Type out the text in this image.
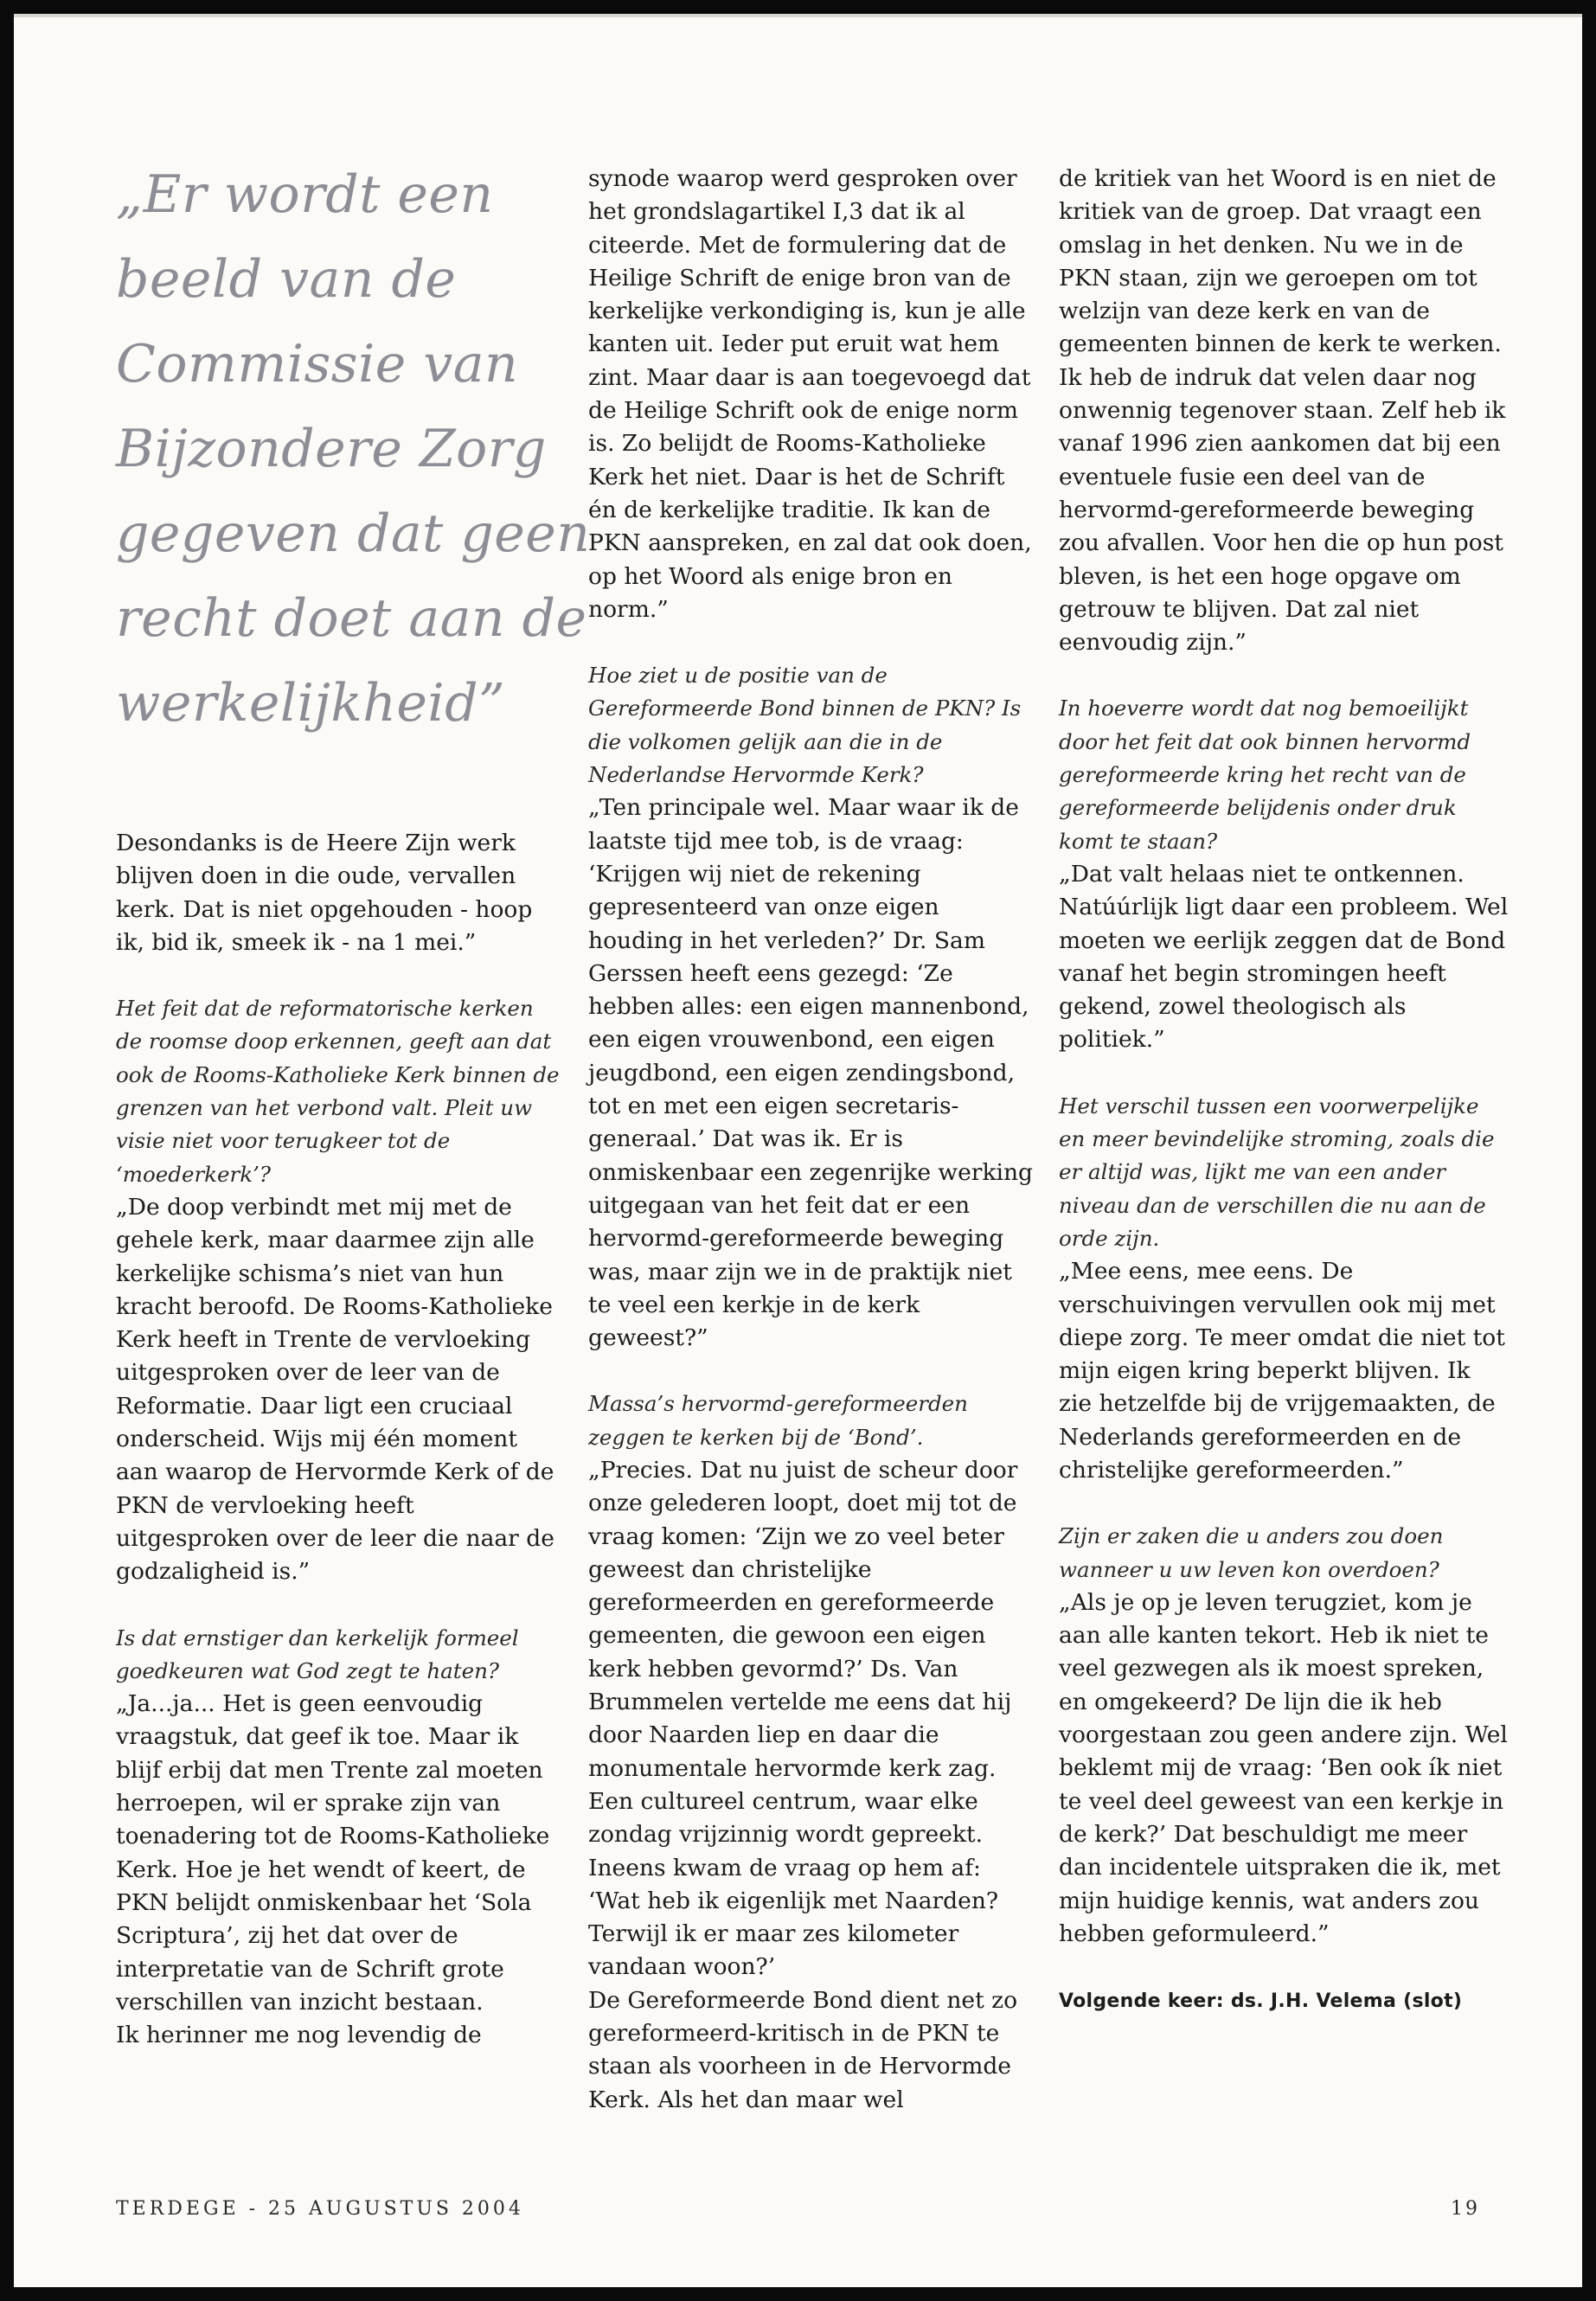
„Er wordt een beeld van de Commissie van Bijzondere Zorg gegeven dat geen recht doet aan de werkelijkheid”

Desondanks is de Heere Zijn werk blijven doen in die oude, vervallen kerk. Dat is niet opgehouden - hoop ik, bid ik, smeek ik - na 1 mei.”

Het feit dat de reformatorische kerken de roomse doop erkennen, geeft aan dat ook de Rooms-Katholieke Kerk binnen de grenzen van het verbond valt. Pleit uw visie niet voor terugkeer tot de ‘moederkerk’?

„De doop verbindt met mij met de gehele kerk, maar daarmee zijn alle kerkelijke schisma’s niet van hun kracht beroofd. De Rooms-Katholieke Kerk heeft in Trente de vervloeking uitgesproken over de leer van de Reformatie. Daar ligt een cruciaal onderscheid. Wijs mij één moment aan waarop de Hervormde Kerk of de PKN de vervloeking heeft uitgesproken over de leer die naar de godzaligheid is.”

Is dat ernstiger dan kerkelijk formeel goedkeuren wat God zegt te haten?

„Ja...ja... Het is geen eenvoudig vraagstuk, dat geef ik toe. Maar ik blijf erbij dat men Trente zal moeten herroepen, wil er sprake zijn van toenadering tot de Rooms-Katholieke Kerk. Hoe je het wendt of keert, de PKN belijdt onmiskenbaar het ‘Sola Scriptura’, zij het dat over de interpretatie van de Schrift grote verschillen van inzicht bestaan.

Ik herinner me nog levendig de

synode waarop werd gesproken over het grondslagartikel I,3 dat ik al citeerde. Met de formulering dat de Heilige Schrift de enige bron van de kerkelijke verkondiging is, kun je alle kanten uit. Ieder put eruit wat hem zint. Maar daar is aan toegevoegd dat de Heilige Schrift ook de enige norm is. Zo belijdt de Rooms-Katholieke Kerk het niet. Daar is het de Schrift én de kerkelijke traditie. Ik kan de PKN aanspreken, en zal dat ook doen, op het Woord als enige bron en norm.”

Hoe ziet u de positie van de Gereformeerde Bond binnen de PKN? Is die volkomen gelijk aan die in de Nederlandse Hervormde Kerk?

„Ten principale wel. Maar waar ik de laatste tijd mee tob, is de vraag: ‘Krijgen wij niet de rekening gepresenteerd van onze eigen houding in het verleden?’ Dr. Sam Gerssen heeft eens gezegd: ‘Ze hebben alles: een eigen mannenbond, een eigen vrouwenbond, een eigen jeugdbond, een eigen zendingsbond, tot en met een eigen secretaris-generaal.’ Dat was ik. Er is onmiskenbaar een zegenrijke werking uitgegaan van het feit dat er een hervormd-gereformeerde beweging was, maar zijn we in de praktijk niet te veel een kerkje in de kerk geweest?”

Massa’s hervormd-gereformeerden zeggen te kerken bij de ‘Bond’.

„Precies. Dat nu juist de scheur door onze gelederen loopt, doet mij tot de vraag komen: ‘Zijn we zo veel beter geweest dan christelijke gereformeerden en gereformeerde gemeenten, die gewoon een eigen kerk hebben gevormd?’ Ds. Van Brummelen vertelde me eens dat hij door Naarden liep en daar die monumentale hervormde kerk zag. Een cultureel centrum, waar elke zondag vrijzinnig wordt gepreekt. Ineens kwam de vraag op hem af: ‘Wat heb ik eigenlijk met Naarden? Terwijl ik er maar zes kilometer vandaan woon?’

De Gereformeerde Bond dient net zo gereformeerd-kritisch in de PKN te staan als voorheen in de Hervormde Kerk. Als het dan maar wel

de kritiek van het Woord is en niet de kritiek van de groep. Dat vraagt een omslag in het denken. Nu we in de PKN staan, zijn we geroepen om tot welzijn van deze kerk en van de gemeenten binnen de kerk te werken. Ik heb de indruk dat velen daar nog onwennig tegenover staan. Zelf heb ik vanaf 1996 zien aankomen dat bij een eventuele fusie een deel van de hervormd-gereformeerde beweging zou afvallen. Voor hen die op hun post bleven, is het een hoge opgave om getrouw te blijven. Dat zal niet eenvoudig zijn.”

In hoeverre wordt dat nog bemoeilijkt door het feit dat ook binnen hervormd gereformeerde kring het recht van de gereformeerde belijdenis onder druk komt te staan?

„Dat valt helaas niet te ontkennen. Natúúrlijk ligt daar een probleem. Wel moeten we eerlijk zeggen dat de Bond vanaf het begin stromingen heeft gekend, zowel theologisch als politiek.”

Het verschil tussen een voorwerpelijke en meer bevindelijke stroming, zoals die er altijd was, lijkt me van een ander niveau dan de verschillen die nu aan de orde zijn.

„Mee eens, mee eens. De verschuivingen vervullen ook mij met diepe zorg. Te meer omdat die niet tot mijn eigen kring beperkt blijven. Ik zie hetzelfde bij de vrijgemaakten, de Nederlands gereformeerden en de christelijke gereformeerden.”

Zijn er zaken die u anders zou doen wanneer u uw leven kon overdoen?

„Als je op je leven terugziet, kom je aan alle kanten tekort. Heb ik niet te veel gezwegen als ik moest spreken, en omgekeerd? De lijn die ik heb voorgestaan zou geen andere zijn. Wel beklemt mij de vraag: ‘Ben ook ík niet te veel deel geweest van een kerkje in de kerk?’ Dat beschuldigt me meer dan incidentele uitspraken die ik, met mijn huidige kennis, wat anders zou hebben geformuleerd.”

Volgende keer: ds. J.H. Velema (slot)

TERDEGE - 25 AUGUSTUS 2004	19
